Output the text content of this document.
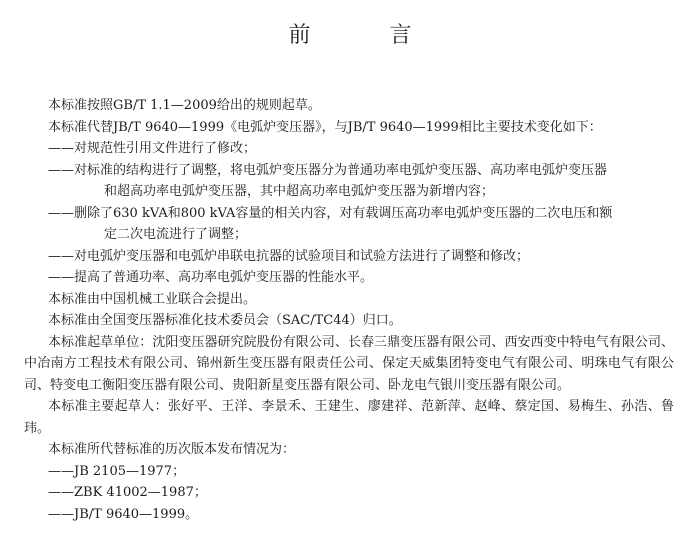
前 言
本标准按照GB/T 1.1—2009给出的规则起草。
本标准代替JB/T 9640—1999《电弧炉变压器》，与JB/T 9640—1999相比主要技术变化如下：
——对规范性引用文件进行了修改；
——对标准的结构进行了调整，将电弧炉变压器分为普通功率电弧炉变压器、高功率电弧炉变压器
和超高功率电弧炉变压器，其中超高功率电弧炉变压器为新增内容；
——删除了630 kVA和800 kVA容量的相关内容，对有载调压高功率电弧炉变压器的二次电压和额
定二次电流进行了调整；
——对电弧炉变压器和电弧炉串联电抗器的试验项目和试验方法进行了调整和修改；
——提高了普通功率、高功率电弧炉变压器的性能水平。
本标准由中国机械工业联合会提出。
本标准由全国变压器标准化技术委员会（SAC/TC44）归口。
本标准起草单位：沈阳变压器研究院股份有限公司、长春三鼎变压器有限公司、西安西变中特电气有限公司、中冶南方工程技术有限公司、锦州新生变压器有限责任公司、保定天威集团特变电气有限公司、明珠电气有限公司、特变电工衡阳变压器有限公司、贵阳新星变压器有限公司、卧龙电气银川变压器有限公司。
本标准主要起草人：张好平、王洋、李景禾、王建生、廖建祥、范新萍、赵峰、蔡定国、易梅生、孙浩、鲁玮。
本标准所代替标准的历次版本发布情况为：
——JB 2105—1977；
——ZBK 41002—1987；
——JB/T 9640—1999。
